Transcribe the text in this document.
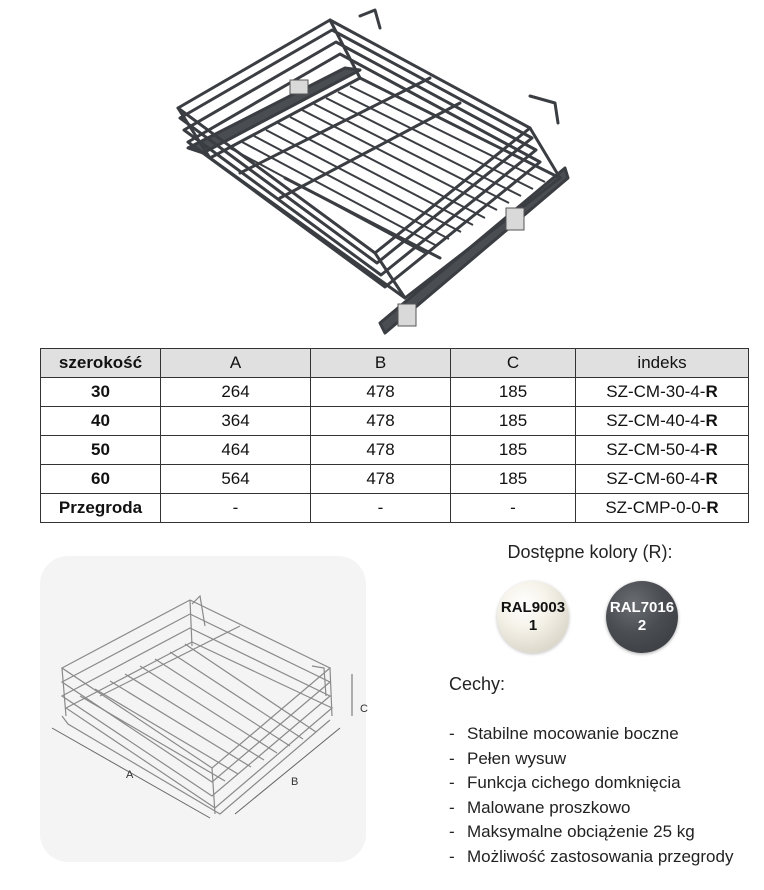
szerokość	A	B	C	indeks
30	264	478	185	SZ-CM-30-4-R
40	364	478	185	SZ-CM-40-4-R
50	464	478	185	SZ-CM-50-4-R
60	564	478	185	SZ-CM-60-4-R
Przegroda	-	-	-	SZ-CMP-0-0-R
A
B
C
Dostępne kolory (R):
RAL9003
1
RAL7016
2
Cechy:
- Stabilne mocowanie boczne
- Pełen wysuw
- Funkcja cichego domknięcia
- Malowane proszkowo
- Maksymalne obciążenie 25 kg
- Możliwość zastosowania przegrody
